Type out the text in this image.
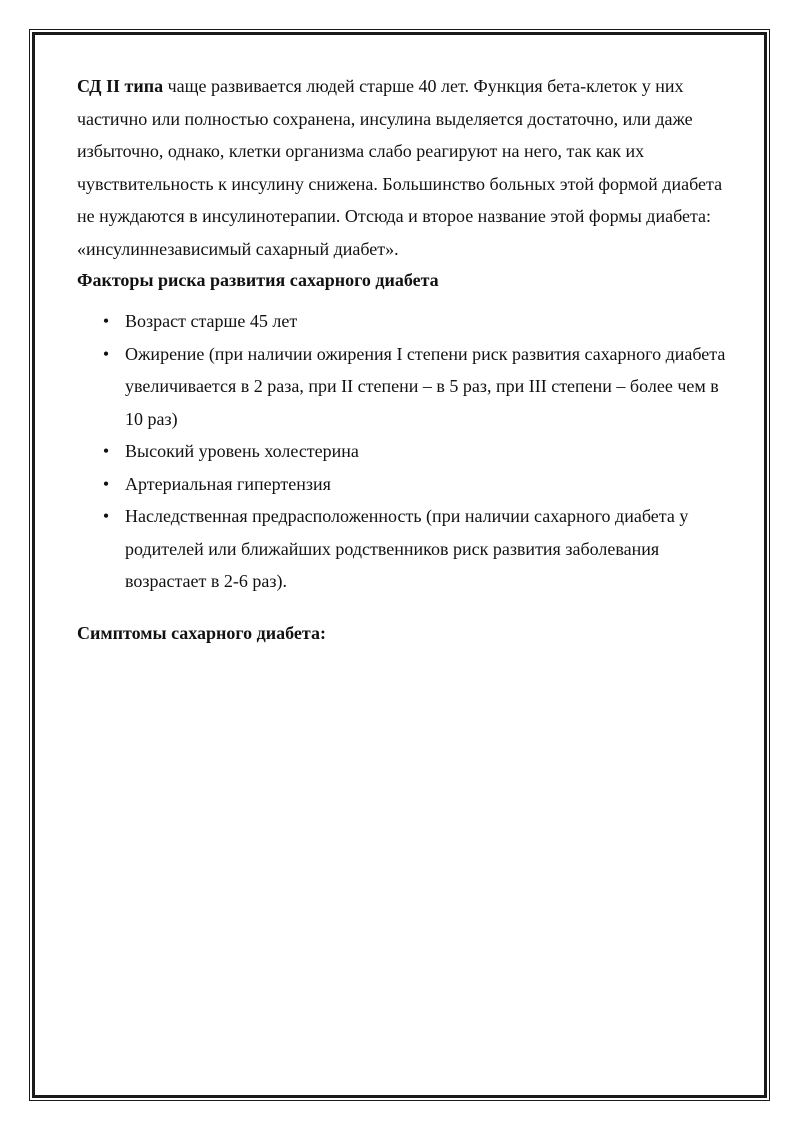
СД II типа чаще развивается людей старше 40 лет. Функция бета-клеток у них частично или полностью сохранена, инсулина выделяется достаточно, или даже избыточно, однако, клетки организма слабо реагируют на него, так как их чувствительность к инсулину снижена. Большинство больных этой формой диабета не нуждаются в инсулинотерапии. Отсюда и второе название этой формы диабета: «инсулиннезависимый сахарный диабет».

Факторы риска развития сахарного диабета

• Возраст старше 45 лет
• Ожирение (при наличии ожирения I степени риск развития сахарного диабета увеличивается в 2 раза, при II степени – в 5 раз, при III степени – более чем в 10 раз)
• Высокий уровень холестерина
• Артериальная гипертензия
• Наследственная предрасположенность (при наличии сахарного диабета у родителей или ближайших родственников риск развития заболевания возрастает в 2-6 раз).

Симптомы сахарного диабета:
